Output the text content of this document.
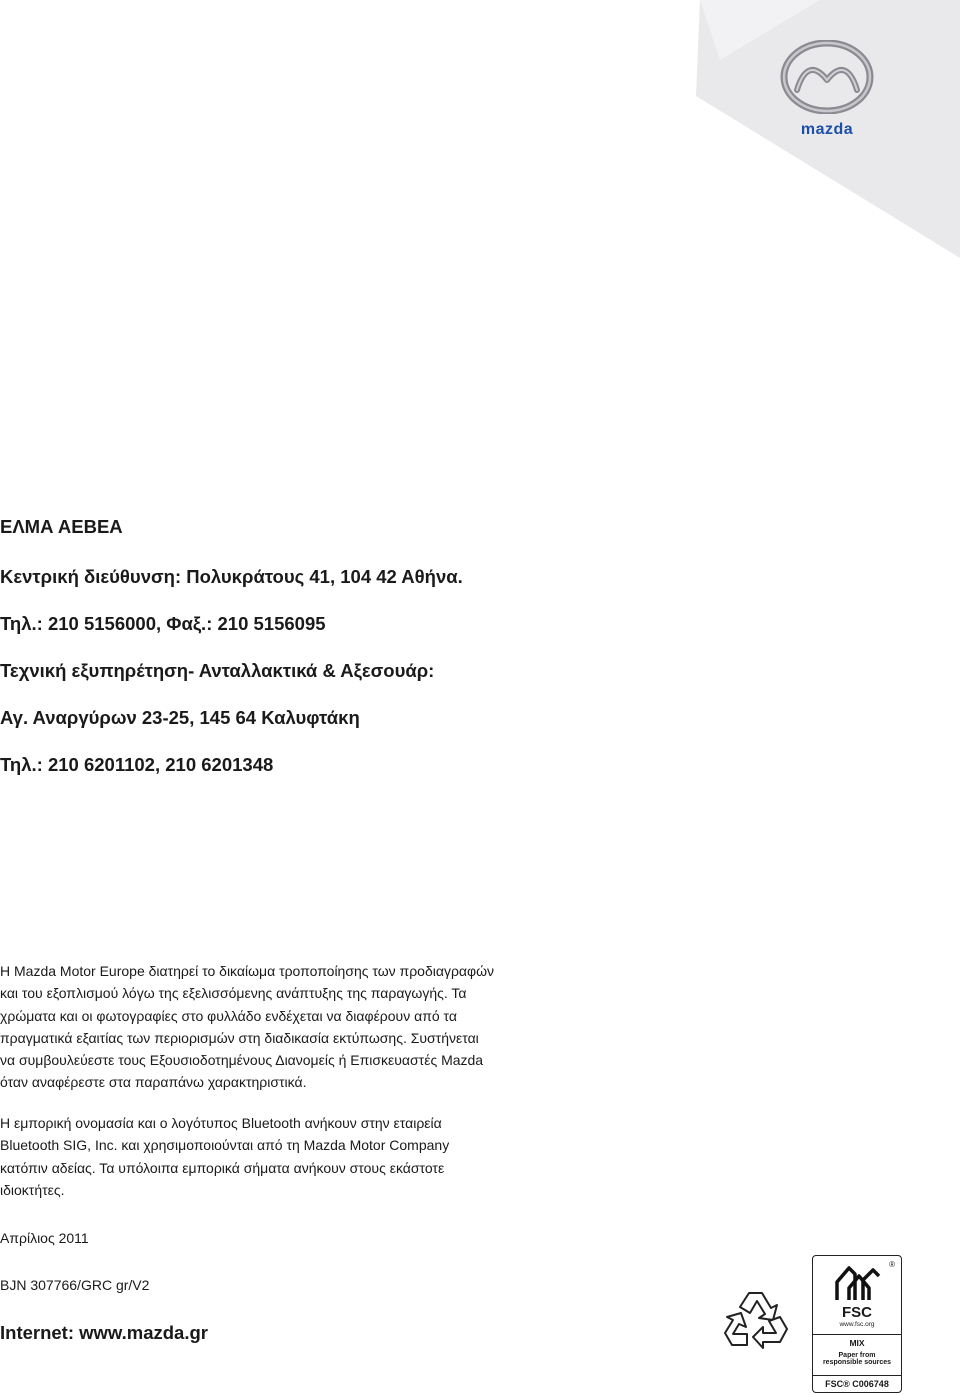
mazda

ΕΛΜΑ ΑΕΒΕΑ

Κεντρική διεύθυνση: Πολυκράτους 41, 104 42 Αθήνα.

Τηλ.: 210 5156000, Φαξ.: 210 5156095

Τεχνική εξυπηρέτηση- Ανταλλακτικά & Αξεσουάρ:

Αγ. Αναργύρων 23-25, 145 64 Καλυφτάκη

Τηλ.: 210 6201102, 210 6201348

Η Mazda Motor Europe διατηρεί το δικαίωμα τροποποίησης των προδιαγραφών

και του εξοπλισμού λόγω της εξελισσόμενης ανάπτυξης της παραγωγής. Τα

χρώματα και οι φωτογραφίες στο φυλλάδο ενδέχεται να διαφέρουν από τα

πραγματικά εξαιτίας των περιορισμών στη διαδικασία εκτύπωσης. Συστήνεται

να συμβουλεύεστε τους Εξουσιοδοτημένους Διανομείς ή Επισκευαστές Mazda

όταν αναφέρεστε στα παραπάνω χαρακτηριστικά.

Η εμπορική ονομασία και ο λογότυπος Bluetooth ανήκουν στην εταιρεία

Bluetooth SIG, Inc. και χρησιμοποιούνται από τη Mazda Motor Company

κατόπιν αδείας. Τα υπόλοιπα εμπορικά σήματα ανήκουν στους εκάστοτε

ιδιοκτήτες.

Απρίλιος 2011
BJN 307766/GRC gr/V2
Internet: www.mazda.gr
®
FSC
www.fsc.org
MIX
Paper from
responsible sources
FSC® C006748
